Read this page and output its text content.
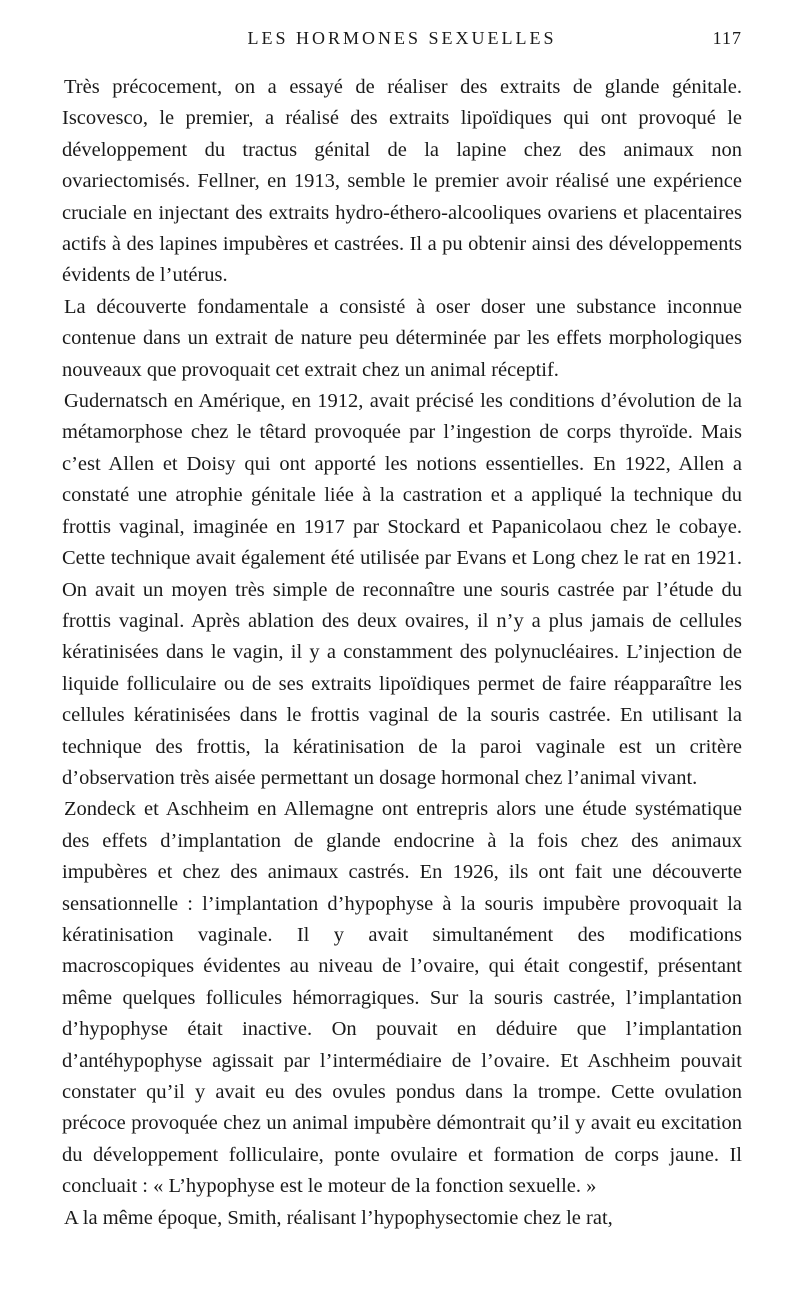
LES HORMONES SEXUELLES	117

Très précocement, on a essayé de réaliser des extraits de glande génitale. Iscovesco, le premier, a réalisé des extraits lipoïdiques qui ont provoqué le développement du tractus génital de la lapine chez des animaux non ovariectomisés. Fellner, en 1913, semble le premier avoir réalisé une expérience cruciale en injectant des extraits hydro-éthero-alcooliques ovariens et placentaires actifs à des lapines impubères et castrées. Il a pu obtenir ainsi des développements évidents de l’utérus.

La découverte fondamentale a consisté à oser doser une substance inconnue contenue dans un extrait de nature peu déterminée par les effets morphologiques nouveaux que provoquait cet extrait chez un animal réceptif.

Gudernatsch en Amérique, en 1912, avait précisé les conditions d’évolution de la métamorphose chez le têtard provoquée par l’ingestion de corps thyroïde. Mais c’est Allen et Doisy qui ont apporté les notions essentielles. En 1922, Allen a constaté une atrophie génitale liée à la castration et a appliqué la technique du frottis vaginal, imaginée en 1917 par Stockard et Papanicolaou chez le cobaye. Cette technique avait également été utilisée par Evans et Long chez le rat en 1921. On avait un moyen très simple de reconnaître une souris castrée par l’étude du frottis vaginal. Après ablation des deux ovaires, il n’y a plus jamais de cellules kératinisées dans le vagin, il y a constamment des polynucléaires. L’injection de liquide folliculaire ou de ses extraits lipoïdiques permet de faire réapparaître les cellules kératinisées dans le frottis vaginal de la souris castrée. En utilisant la technique des frottis, la kératinisation de la paroi vaginale est un critère d’observation très aisée permettant un dosage hormonal chez l’animal vivant.

Zondeck et Aschheim en Allemagne ont entrepris alors une étude systématique des effets d’implantation de glande endocrine à la fois chez des animaux impubères et chez des animaux castrés. En 1926, ils ont fait une découverte sensationnelle : l’implantation d’hypophyse à la souris impubère provoquait la kératinisation vaginale. Il y avait simultanément des modifications macroscopiques évidentes au niveau de l’ovaire, qui était congestif, présentant même quelques follicules hémorragiques. Sur la souris castrée, l’implantation d’hypophyse était inactive. On pouvait en déduire que l’implantation d’antéhypophyse agissait par l’intermédiaire de l’ovaire. Et Aschheim pouvait constater qu’il y avait eu des ovules pondus dans la trompe. Cette ovulation précoce provoquée chez un animal impubère démontrait qu’il y avait eu excitation du développement folliculaire, ponte ovulaire et formation de corps jaune. Il concluait : « L’hypophyse est le moteur de la fonction sexuelle. »

A la même époque, Smith, réalisant l’hypophysectomie chez le rat,
